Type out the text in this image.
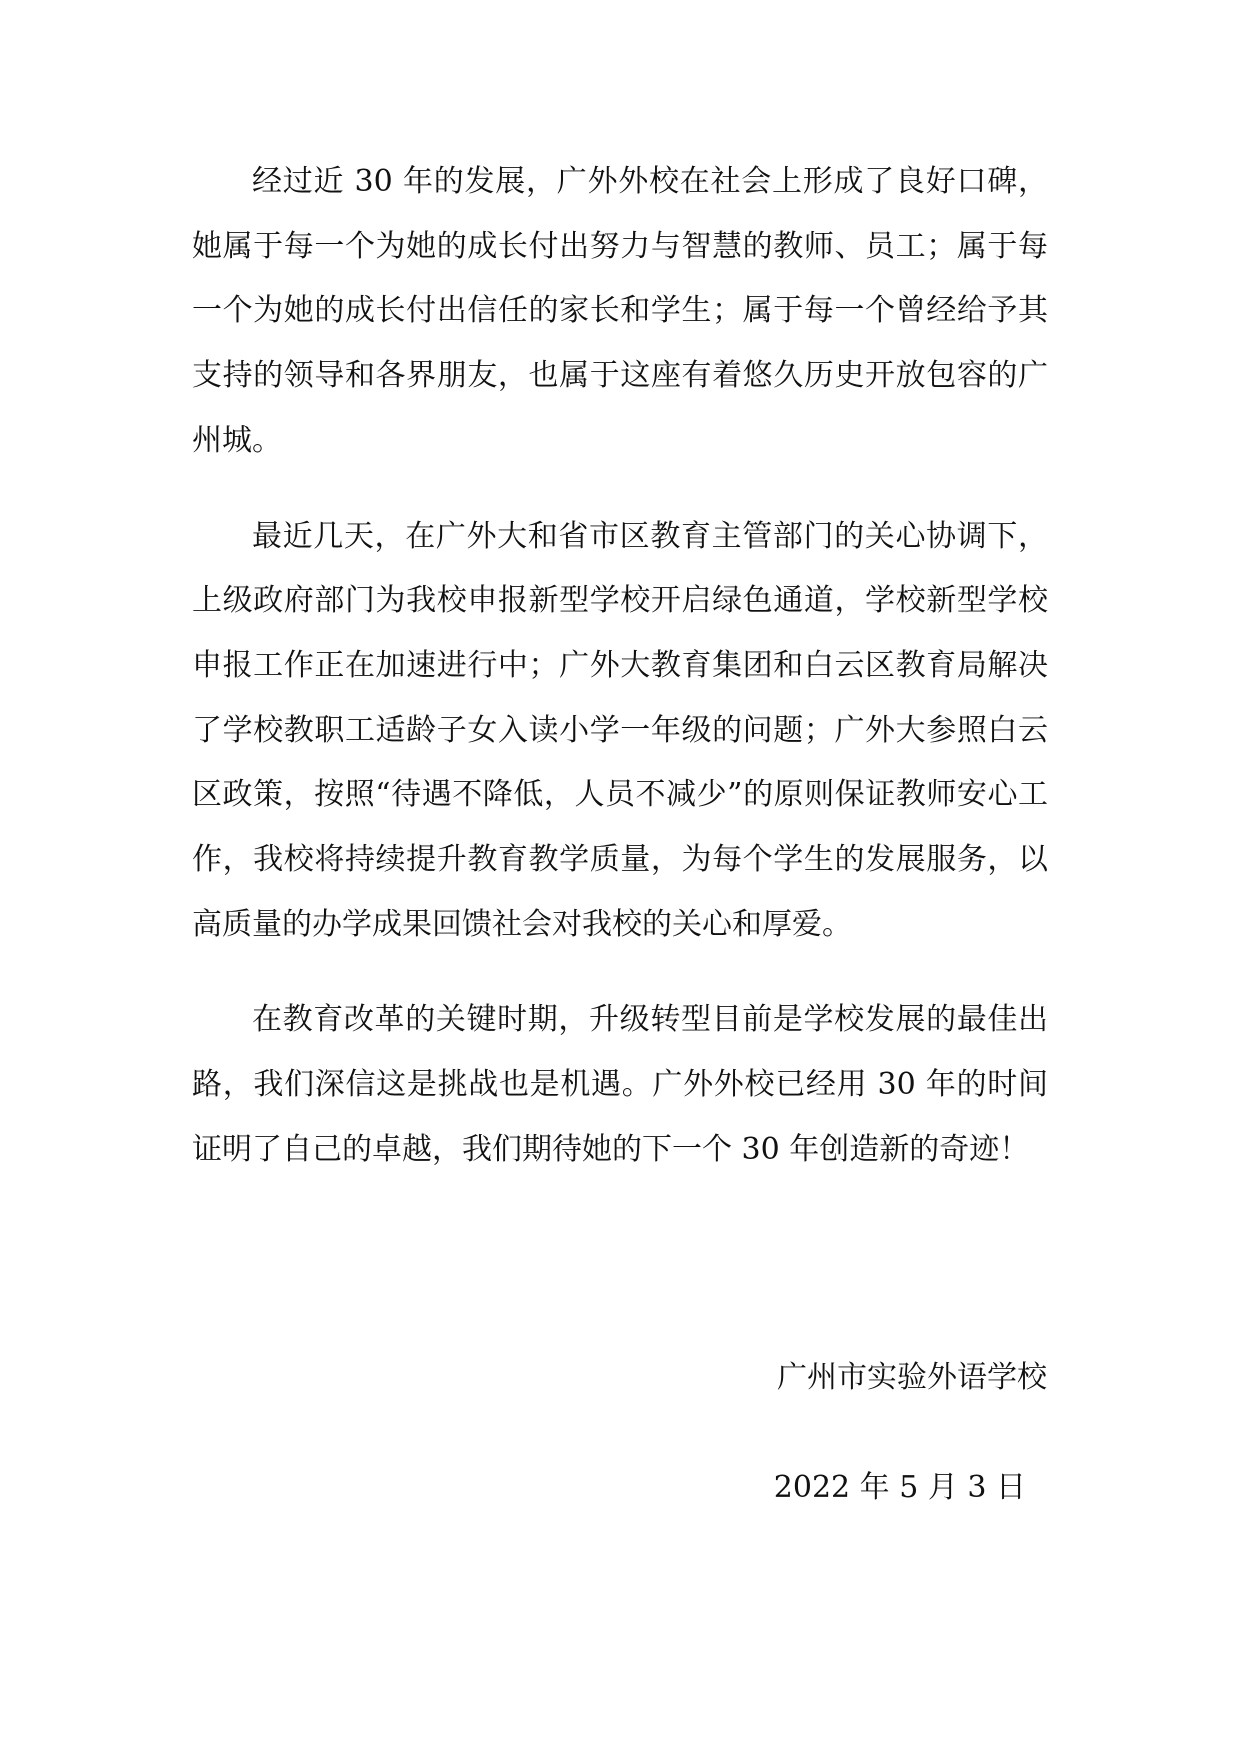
经过近 30 年的发展，广外外校在社会上形成了良好口碑，她属于每一个为她的成长付出努力与智慧的教师、员工；属于每一个为她的成长付出信任的家长和学生；属于每一个曾经给予其支持的领导和各界朋友，也属于这座有着悠久历史开放包容的广州城。

最近几天，在广外大和省市区教育主管部门的关心协调下，上级政府部门为我校申报新型学校开启绿色通道，学校新型学校申报工作正在加速进行中；广外大教育集团和白云区教育局解决了学校教职工适龄子女入读小学一年级的问题；广外大参照白云区政策，按照“待遇不降低，人员不减少”的原则保证教师安心工作，我校将持续提升教育教学质量，为每个学生的发展服务，以高质量的办学成果回馈社会对我校的关心和厚爱。

在教育改革的关键时期，升级转型目前是学校发展的最佳出路，我们深信这是挑战也是机遇。广外外校已经用 30 年的时间证明了自己的卓越，我们期待她的下一个 30 年创造新的奇迹！

广州市实验外语学校
2022 年 5 月 3 日
